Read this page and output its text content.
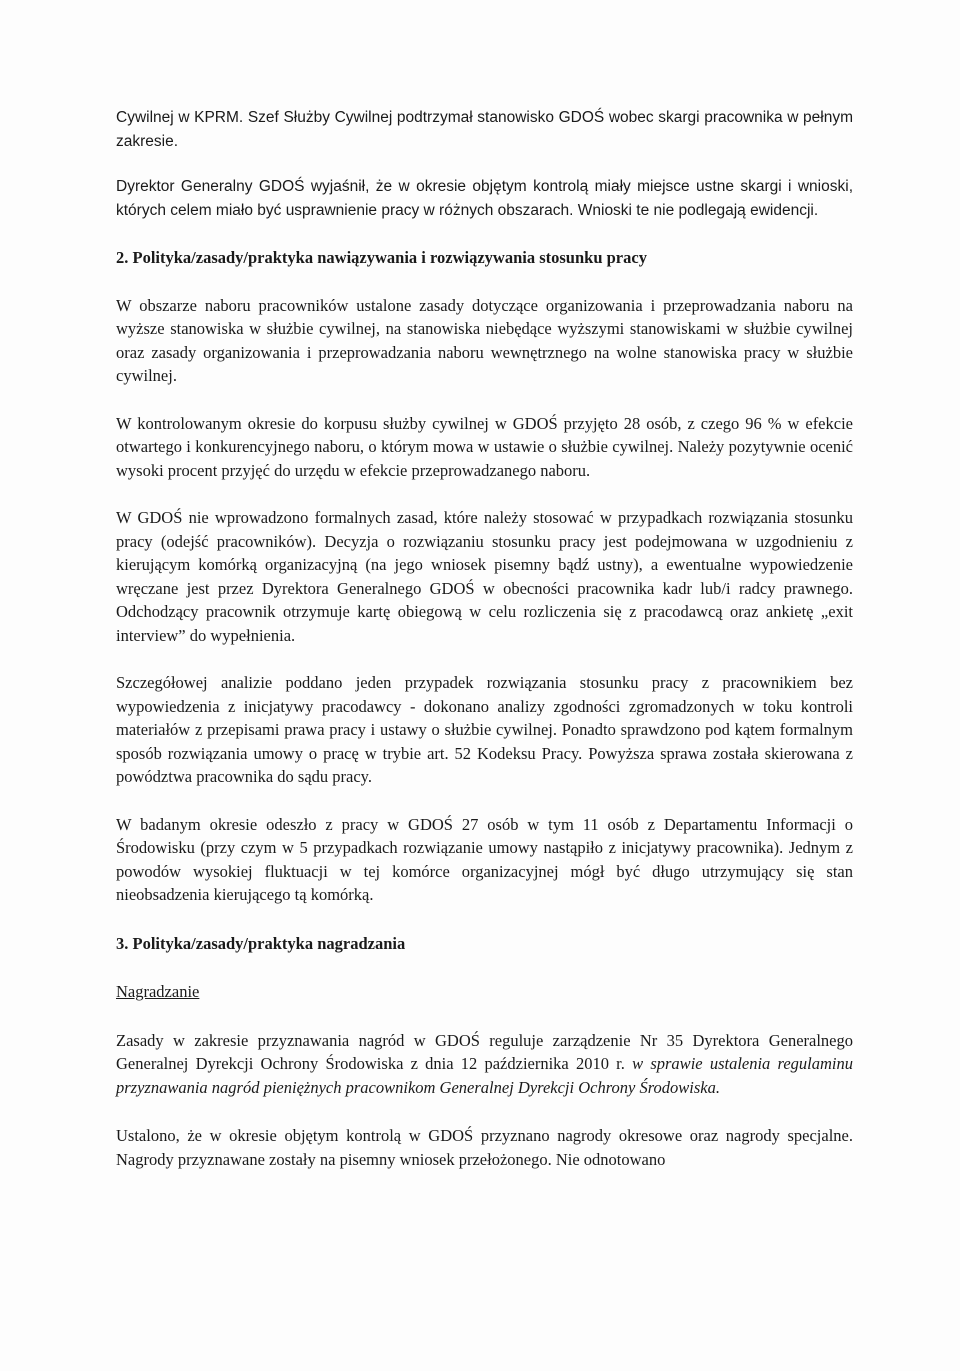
Cywilnej w KPRM. Szef Służby Cywilnej podtrzymał stanowisko GDOŚ wobec skargi pracownika w pełnym zakresie.

Dyrektor Generalny GDOŚ wyjaśnił, że w okresie objętym kontrolą miały miejsce ustne skargi i wnioski, których celem miało być usprawnienie pracy w różnych obszarach. Wnioski te nie podlegają ewidencji.

2. Polityka/zasady/praktyka nawiązywania i rozwiązywania stosunku pracy

W obszarze naboru pracowników ustalone zasady dotyczące organizowania i przeprowadzania naboru na wyższe stanowiska w służbie cywilnej, na stanowiska niebędące wyższymi stanowiskami w służbie cywilnej oraz zasady organizowania i przeprowadzania naboru wewnętrznego na wolne stanowiska pracy w służbie cywilnej.

W kontrolowanym okresie do korpusu służby cywilnej w GDOŚ przyjęto 28 osób, z czego 96 % w efekcie otwartego i konkurencyjnego naboru, o którym mowa w ustawie o służbie cywilnej. Należy pozytywnie ocenić wysoki procent przyjęć do urzędu w efekcie przeprowadzanego naboru.

W GDOŚ nie wprowadzono formalnych zasad, które należy stosować w przypadkach rozwiązania stosunku pracy (odejść pracowników). Decyzja o rozwiązaniu stosunku pracy jest podejmowana w uzgodnieniu z kierującym komórką organizacyjną (na jego wniosek pisemny bądź ustny), a ewentualne wypowiedzenie wręczane jest przez Dyrektora Generalnego GDOŚ w obecności pracownika kadr lub/i radcy prawnego. Odchodzący pracownik otrzymuje kartę obiegową w celu rozliczenia się z pracodawcą oraz ankietę „exit interview” do wypełnienia.

Szczegółowej analizie poddano jeden przypadek rozwiązania stosunku pracy z pracownikiem bez wypowiedzenia z inicjatywy pracodawcy - dokonano analizy zgodności zgromadzonych w toku kontroli materiałów z przepisami prawa pracy i ustawy o służbie cywilnej. Ponadto sprawdzono pod kątem formalnym sposób rozwiązania umowy o pracę w trybie art. 52 Kodeksu Pracy. Powyższa sprawa została skierowana z powództwa pracownika do sądu pracy.

W badanym okresie odeszło z pracy w GDOŚ 27 osób w tym 11 osób z Departamentu Informacji o Środowisku (przy czym w 5 przypadkach rozwiązanie umowy nastąpiło z inicjatywy pracownika). Jednym z powodów wysokiej fluktuacji w tej komórce organizacyjnej mógł być długo utrzymujący się stan nieobsadzenia kierującego tą komórką.

3. Polityka/zasady/praktyka nagradzania

Nagradzanie

Zasady w zakresie przyznawania nagród w GDOŚ reguluje zarządzenie Nr 35 Dyrektora Generalnego Generalnej Dyrekcji Ochrony Środowiska z dnia 12 października 2010 r. w sprawie ustalenia regulaminu przyznawania nagród pieniężnych pracownikom Generalnej Dyrekcji Ochrony Środowiska.

Ustalono, że w okresie objętym kontrolą w GDOŚ przyznano nagrody okresowe oraz nagrody specjalne. Nagrody przyznawane zostały na pisemny wniosek przełożonego. Nie odnotowano
